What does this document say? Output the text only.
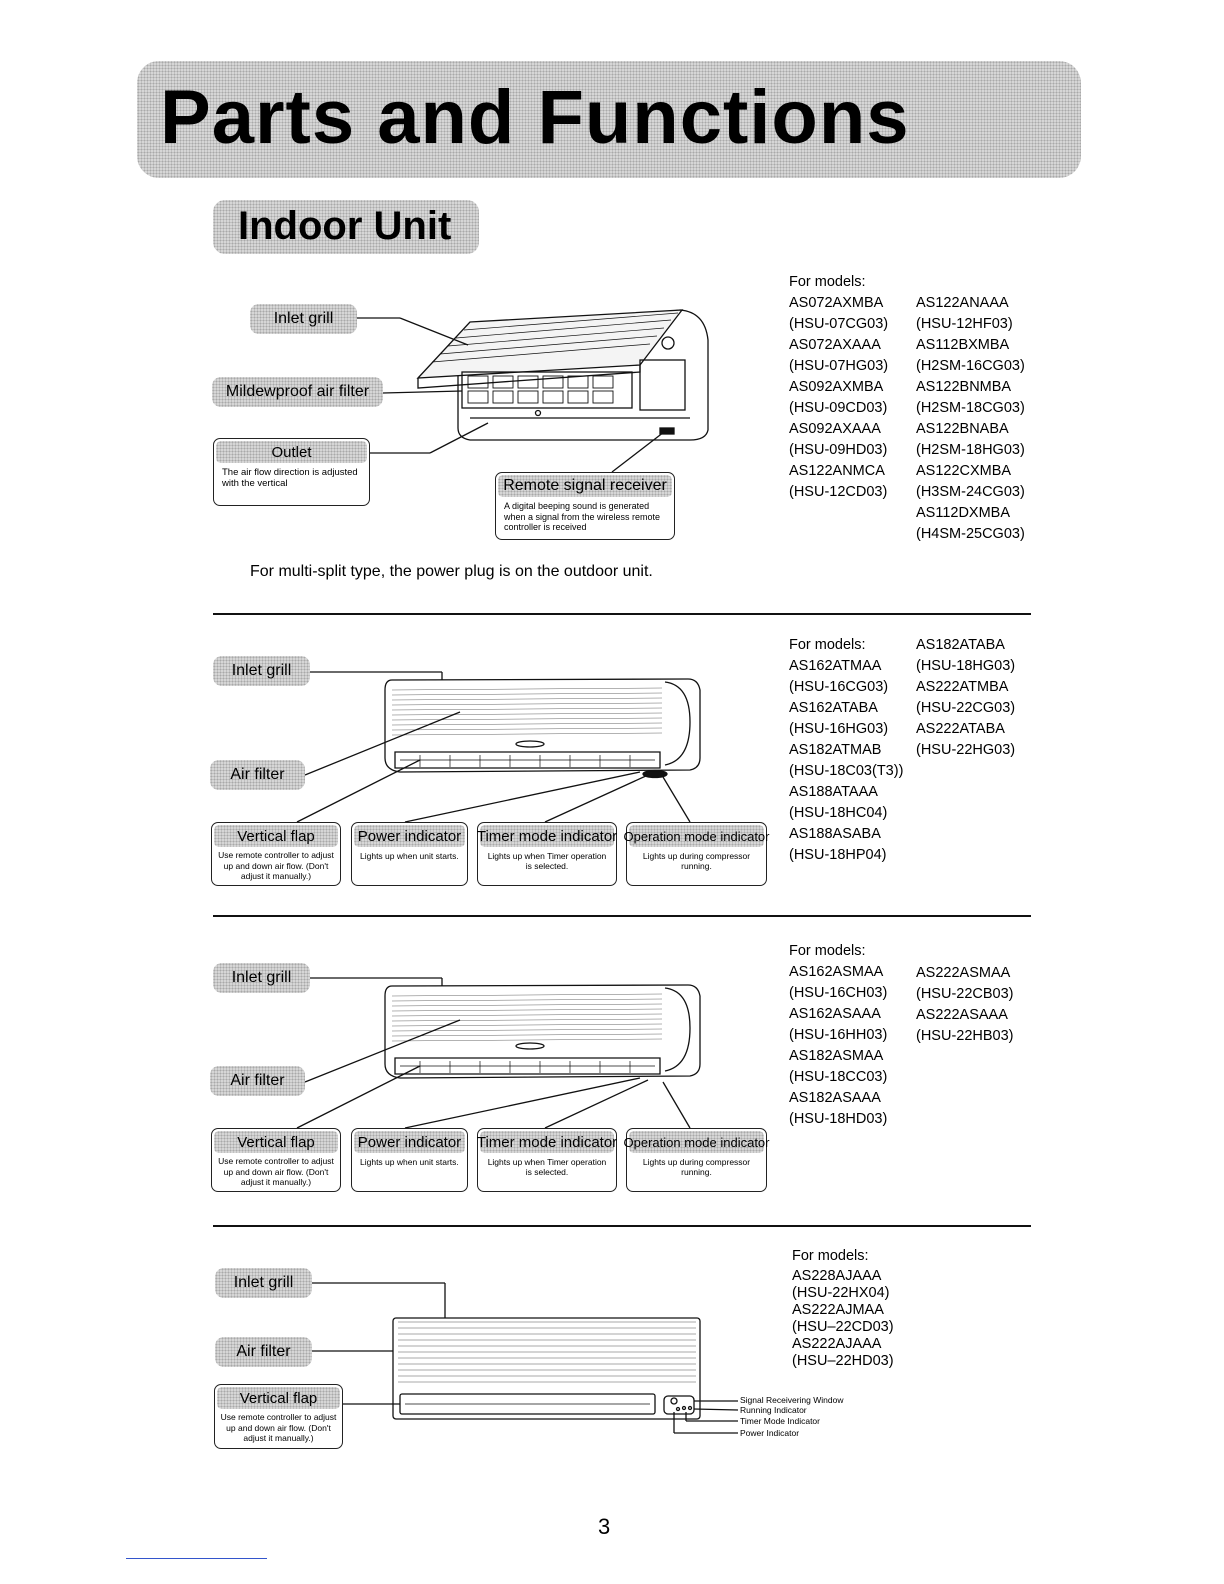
Parts and Functions
Indoor Unit
Inlet grill
Mildewproof air filter
Outlet
The air flow direction is adjusted with the vertical	Remote signal receiver
A digital beeping sound is generated when a signal from the wireless remote controller is received
For models:
AS072AXMBA
(HSU-07CG03)
AS072AXAAA
(HSU-07HG03)
AS092AXMBA
(HSU-09CD03)
AS092AXAAA
(HSU-09HD03)
AS122ANMCA
(HSU-12CD03)
AS122ANAAA
(HSU-12HF03)
AS112BXMBA
(H2SM-16CG03)
AS122BNMBA
(H2SM-18CG03)
AS122BNABA
(H2SM-18HG03)
AS122CXMBA
(H3SM-24CG03)
AS112DXMBA
(H4SM-25CG03)
For multi-split type, the power plug is on the outdoor unit.
Inlet grill
Air filter
Vertical flap
Use remote controller to adjust up and down air flow. (Don't adjust it manually.)
Power indicator
Lights up when unit starts.
Timer mode indicator
Lights up when Timer operation is selected.
Operation mode indicator
Lights up during compressor running.
For models:
AS162ATMAA
(HSU-16CG03)
AS162ATABA
(HSU-16HG03)
AS182ATMAB
(HSU-18C03(T3))
AS188ATAAA
(HSU-18HC04)
AS188ASABA
(HSU-18HP04)
AS182ATABA
(HSU-18HG03)
AS222ATMBA
(HSU-22CG03)
AS222ATABA
(HSU-22HG03)
Inlet grill
Air filter
Vertical flap
Use remote controller to adjust up and down air flow. (Don't adjust it manually.)
Power indicator
Lights up when unit starts.
Timer mode indicator
Lights up when Timer operation is selected.
Operation mode indicator
Lights up during compressor running.
For models:
AS162ASMAA
(HSU-16CH03)
AS162ASAAA
(HSU-16HH03)
AS182ASMAA
(HSU-18CC03)
AS182ASAAA
(HSU-18HD03)
AS222ASMAA
(HSU-22CB03)
AS222ASAAA
(HSU-22HB03)
Inlet grill
Air filter
Vertical flap
Use remote controller to adjust up and down air flow. (Don't adjust it manually.)
Signal Receivering Window
Running Indicator
Timer Mode Indicator
Power Indicator
For models:
AS228AJAAA
(HSU-22HX04)
AS222AJMAA
(HSU–22CD03)
AS222AJAAA
(HSU–22HD03)
3
